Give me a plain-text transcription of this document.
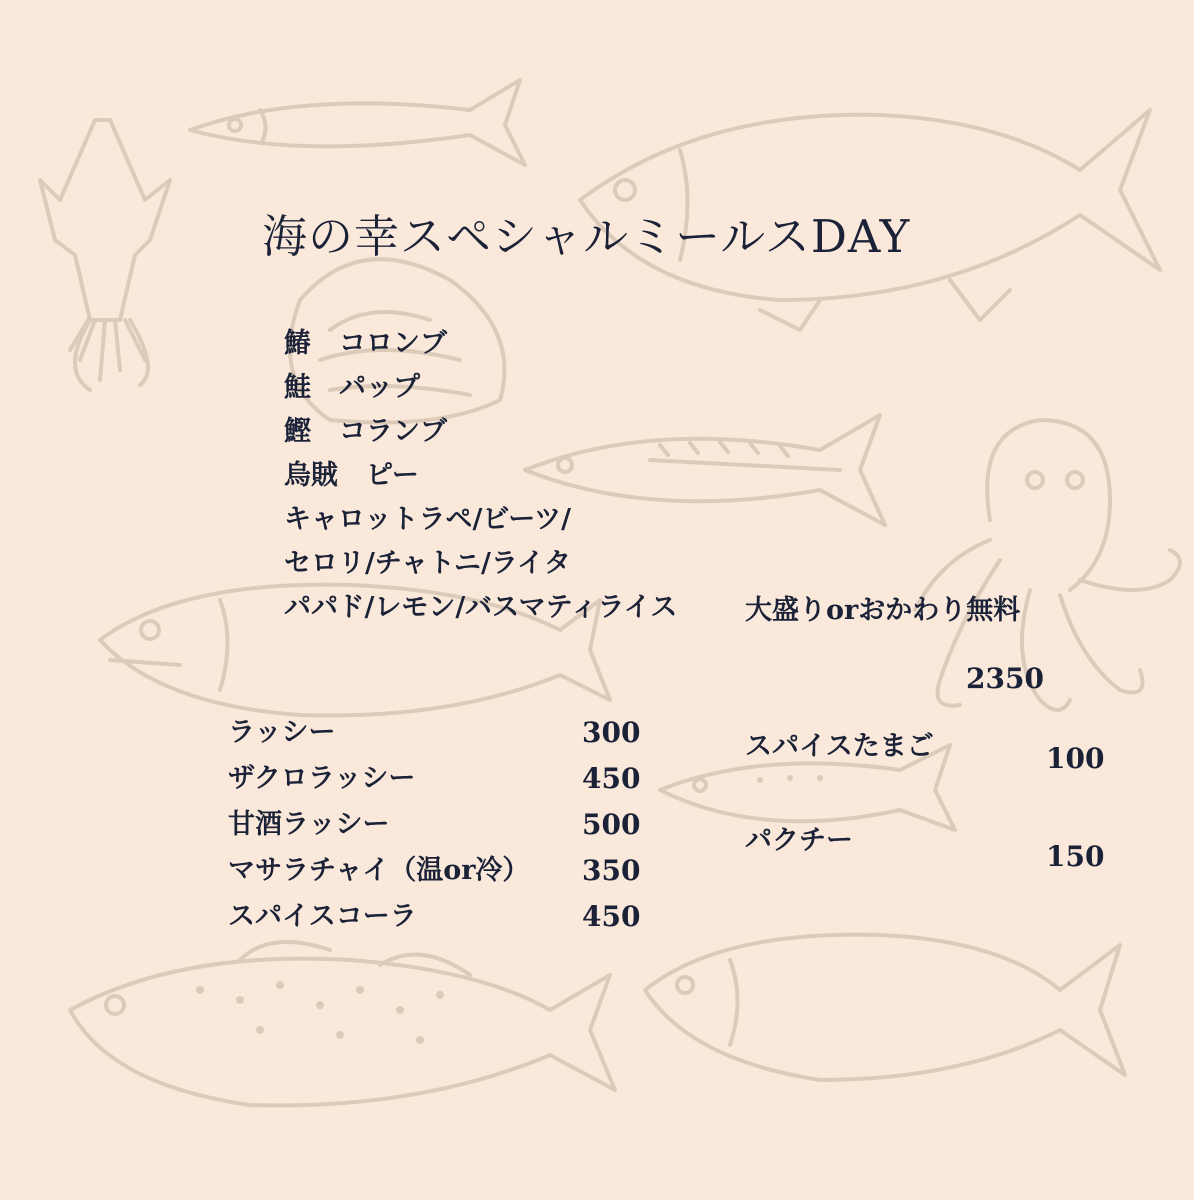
海の幸スペシャルミールスDAY
鰆 コロンブ
鮭 パップ
鰹 コランブ
烏賊 ピー
キャロットラペ/ビーツ/
セロリ/チャトニ/ライタ
パパド/レモン/バスマティライス	大盛りorおかわり無料
2350
ラッシー	300
ザクロラッシー	450
甘酒ラッシー	500
マサラチャイ（温or冷） 350
スパイスコーラ	450
スパイスたまご	100
パクチー	150
